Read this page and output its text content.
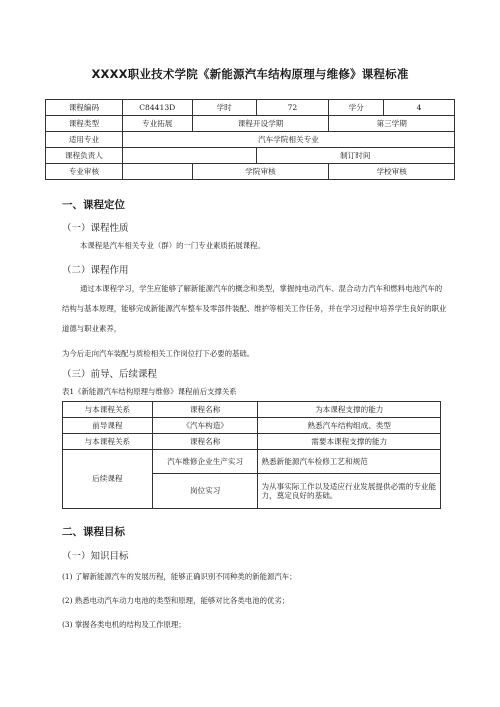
XXXX职业技术学院《新能源汽车结构原理与维修》课程标准
课程编码	C84413D	学时	72	学分	4
课程类型	专业拓展	课程开设学期		第三学期	
适用专业	汽车学院相关专业				
课程负责人			制订时间		
专业审核		学院审核		学校审核	
一、课程定位
（一）课程性质
本课程是汽车相关专业（群）的一门专业素质拓展课程。
（二）课程作用

通过本课程学习，学生应能够了解新能源汽车的概念和类型，掌握纯电动汽车、混合动力汽车和燃料电池汽车的结构与基本原理，能够完成新能源汽车整车及零部件装配、维护等相关工作任务，并在学习过程中培养学生良好的职业道德与职业素养，

为今后走向汽车装配与质检相关工作岗位打下必要的基础。
（三）前导、后续课程
表1《新能源汽车结构原理与维修》课程前后支撑关系
与本课程关系	课程名称	为本课程支撑的能力
前导课程	《汽车构造》	熟悉汽车结构组成、类型
与本课程关系	课程名称	需要本课程支撑的能力
后续课程	汽车维修企业生产实习	熟悉新能源汽车检修工艺和规范
	岗位实习	为从事实际工作以及适应行业发展提供必需的专业能力，奠定良好的基础。
二、课程目标
（一）知识目标
(1) 了解新能源汽车的发展历程，能够正确识别不同种类的新能源汽车；
(2) 熟悉电动汽车动力电池的类型和原理，能够对比各类电池的优劣；
(3) 掌握各类电机的结构及工作原理；
